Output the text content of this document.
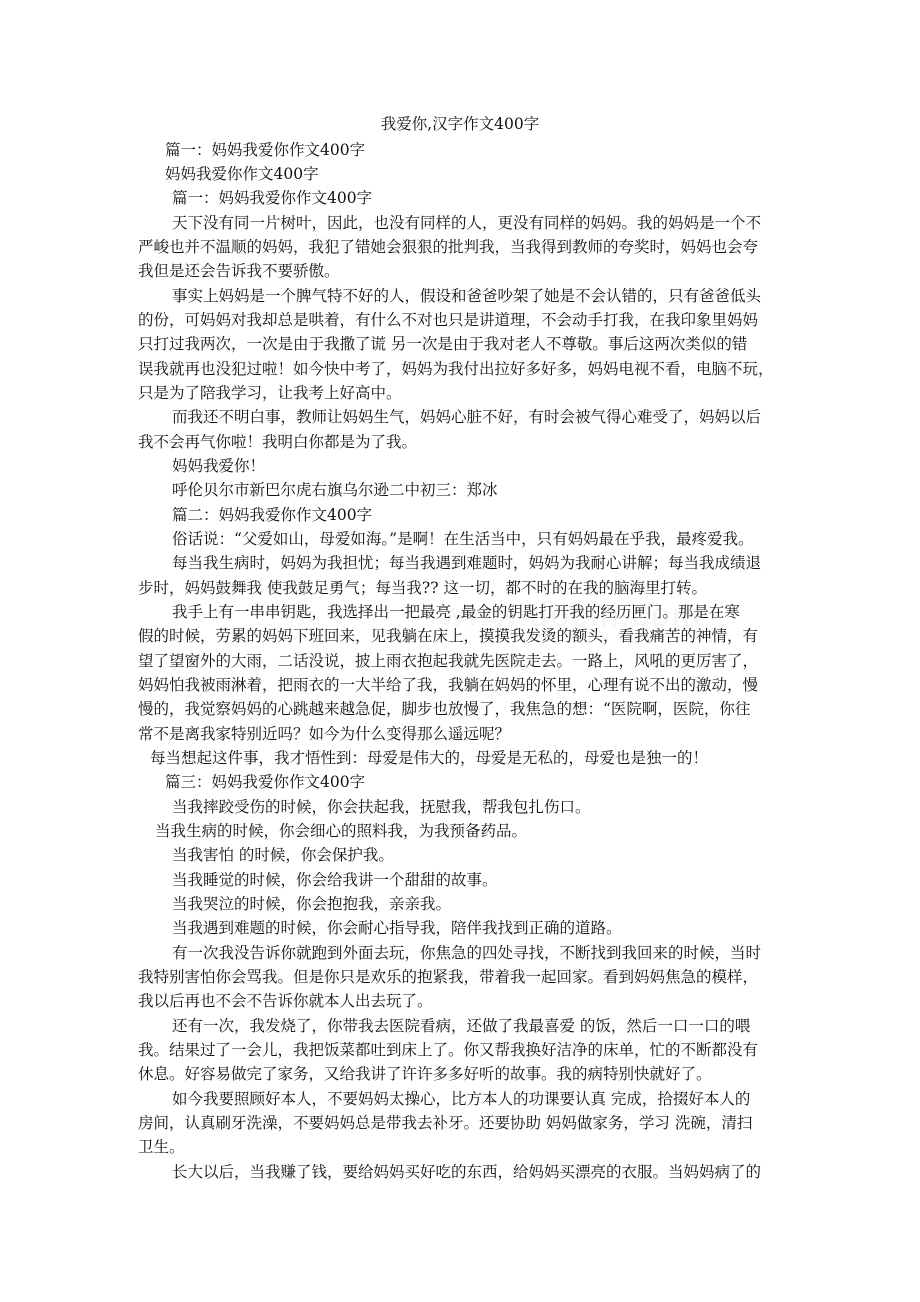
我爱你,汉字作文400字
篇一：妈妈我爱你作文400字
妈妈我爱你作文400字
篇一：妈妈我爱你作文400字
天下没有同一片树叶，因此，也没有同样的人，更没有同样的妈妈。我的妈妈是一个不
严峻也并不温顺的妈妈，我犯了错她会狠狠的批判我，当我得到教师的夸奖时，妈妈也会夸
我但是还会告诉我不要骄傲。
事实上妈妈是一个脾气特不好的人，假设和爸爸吵架了她是不会认错的，只有爸爸低头
的份，可妈妈对我却总是哄着，有什么不对也只是讲道理，不会动手打我，在我印象里妈妈
只打过我两次，一次是由于我撒了谎 另一次是由于我对老人不尊敬。事后这两次类似的错
误我就再也没犯过啦！如今快中考了，妈妈为我付出拉好多好多，妈妈电视不看，电脑不玩，
只是为了陪我学习，让我考上好高中。
而我还不明白事，教师让妈妈生气，妈妈心脏不好，有时会被气得心难受了，妈妈以后
我不会再气你啦！我明白你都是为了我。
妈妈我爱你！
呼伦贝尔市新巴尔虎右旗乌尔逊二中初三：郑冰
篇二：妈妈我爱你作文400字
俗话说：“父爱如山，母爱如海。”是啊！在生活当中，只有妈妈最在乎我，最疼爱我。
每当我生病时，妈妈为我担忧；每当我遇到难题时，妈妈为我耐心讲解；每当我成绩退
步时，妈妈鼓舞我 使我鼓足勇气；每当我?? 这一切，都不时的在我的脑海里打转。
我手上有一串串钥匙，我选择出一把最亮 ,最金的钥匙打开我的经历匣门。那是在寒
假的时候，劳累的妈妈下班回来，见我躺在床上，摸摸我发烫的额头，看我痛苦的神情，有
望了望窗外的大雨，二话没说，披上雨衣抱起我就先医院走去。一路上，风吼的更厉害了，
妈妈怕我被雨淋着，把雨衣的一大半给了我，我躺在妈妈的怀里，心理有说不出的激动，慢
慢的，我觉察妈妈的心跳越来越急促，脚步也放慢了，我焦急的想：“医院啊，医院，你往
常不是离我家特别近吗？如今为什么变得那么遥远呢？
每当想起这件事，我才悟性到：母爱是伟大的，母爱是无私的，母爱也是独一的！
篇三：妈妈我爱你作文400字
当我摔跤受伤的时候，你会扶起我，抚慰我，帮我包扎伤口。
当我生病的时候，你会细心的照料我，为我预备药品。
当我害怕 的时候，你会保护我。
当我睡觉的时候，你会给我讲一个甜甜的故事。
当我哭泣的时候，你会抱抱我，亲亲我。
当我遇到难题的时候，你会耐心指导我，陪伴我找到正确的道路。
有一次我没告诉你就跑到外面去玩，你焦急的四处寻找，不断找到我回来的时候，当时
我特别害怕你会骂我。但是你只是欢乐的抱紧我，带着我一起回家。看到妈妈焦急的模样，
我以后再也不会不告诉你就本人出去玩了。
还有一次，我发烧了，你带我去医院看病，还做了我最喜爱 的饭，然后一口一口的喂
我。结果过了一会儿，我把饭菜都吐到床上了。你又帮我换好洁净的床单，忙的不断都没有
休息。好容易做完了家务，又给我讲了许许多多好听的故事。我的病特别快就好了。
如今我要照顾好本人，不要妈妈太操心，比方本人的功课要认真 完成，拾掇好本人的
房间，认真刷牙洗澡，不要妈妈总是带我去补牙。还要协助 妈妈做家务，学习 洗碗，清扫
卫生。
长大以后，当我赚了钱，要给妈妈买好吃的东西，给妈妈买漂亮的衣服。当妈妈病了的
